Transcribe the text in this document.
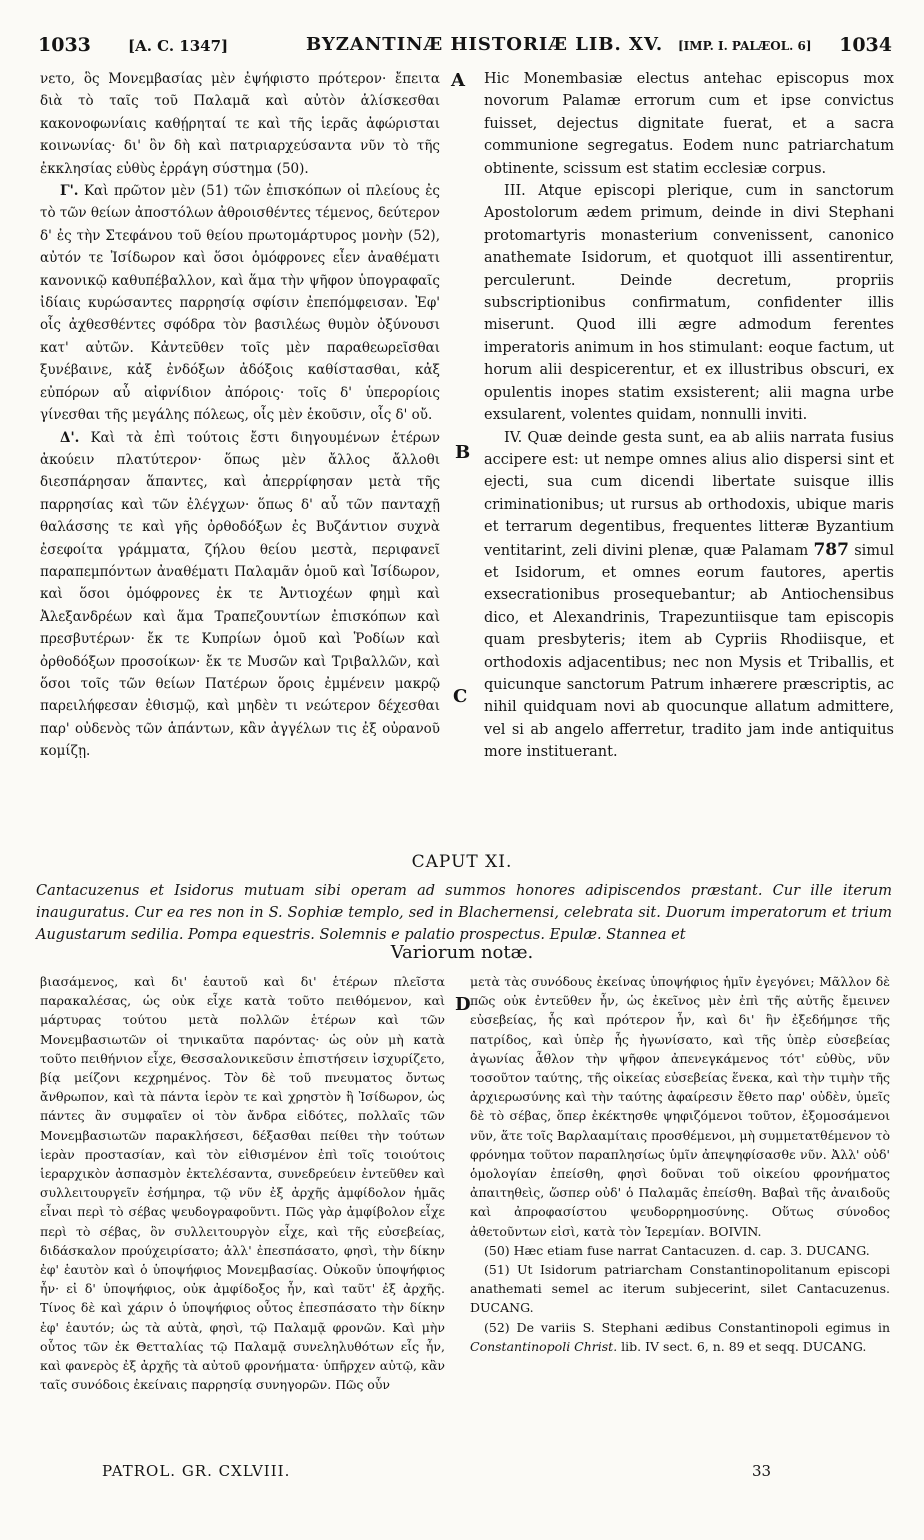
1033 [A. C. 1347]	BYZANTINÆ HISTORIÆ LIB. XV. [IMP. I. PALÆOL. 6] 1034
A
B
C
D

νετο, ὃς Μονεμβασίας μὲν ἐψήφιστο πρότερον· ἔπειτα διὰ τὸ ταῖς τοῦ Παλαμᾶ καὶ αὐτὸν ἁλίσκεσθαι κακονοφωνίαις καθῄρηταί τε καὶ τῆς ἱερᾶς ἀφώρισται κοινωνίας· δι' ὃν δὴ καὶ πατριαρχεύσαντα νῦν τὸ τῆς ἐκκλησίας εὐθὺς ἐρράγη σύστημα (50).

Γ'. Καὶ πρῶτον μὲν (51) τῶν ἐπισκόπων οἱ πλείους ἐς τὸ τῶν θείων ἀποστόλων ἀθροισθέντες τέμενος, δεύτερον δ' ἐς τὴν Στεφάνου τοῦ θείου πρωτομάρτυρος μονὴν (52), αὐτόν τε Ἰσίδωρον καὶ ὅσοι ὁμόφρονες εἶεν ἀναθέματι κανονικῷ καθυπέβαλλον, καὶ ἅμα τὴν ψῆφον ὑπογραφαῖς ἰδίαις κυρώσαντες παρρησίᾳ σφίσιν ἐπεπόμφεισαν. Ἐφ' οἷς ἀχθεσθέντες σφόδρα τὸν βασιλέως θυμὸν ὀξύνουσι κατ' αὐτῶν. Κἀντεῦθεν τοῖς μὲν παραθεωρεῖσθαι ξυνέβαινε, κἀξ ἐνδόξων ἀδόξοις καθίστασθαι, κἀξ εὐπόρων αὖ αἰφνίδιον ἀπόροις· τοῖς δ' ὑπερορίοις γίνεσθαι τῆς μεγάλης πόλεως, οἷς μὲν ἑκοῦσιν, οἷς δ' οὔ.

Δ'. Καὶ τὰ ἐπὶ τούτοις ἔστι διηγουμένων ἑτέρων ἀκούειν πλατύτερον· ὅπως μὲν ἄλλος ἄλλοθι διεσπάρησαν ἅπαντες, καὶ ἀπερρίφησαν μετὰ τῆς παρρησίας καὶ τῶν ἐλέγχων· ὅπως δ' αὖ τῶν πανταχῇ θαλάσσης τε καὶ γῆς ὀρθοδόξων ἐς Βυζάντιον συχνὰ ἐσεφοίτα γράμματα, ζήλου θείου μεστὰ, περιφανεῖ παραπεμπόντων ἀναθέματι Παλαμᾶν ὁμοῦ καὶ Ἰσίδωρον, καὶ ὅσοι ὁμόφρονες ἐκ τε Ἀντιοχέων φημὶ καὶ Ἀλεξανδρέων καὶ ἅμα Τραπεζουντίων ἐπισκόπων καὶ πρεσβυτέρων· ἔκ τε Κυπρίων ὁμοῦ καὶ Ῥοδίων καὶ ὀρθοδόξων προσοίκων· ἔκ τε Μυσῶν καὶ Τριβαλλῶν, καὶ ὅσοι τοῖς τῶν θείων Πατέρων ὅροις ἐμμένειν μακρῷ παρειλήφεσαν ἐθισμῷ, καὶ μηδὲν τι νεώτερον δέχεσθαι παρ' οὐδενὸς τῶν ἁπάντων, κἂν ἀγγέλων τις ἐξ οὐρανοῦ κομίζῃ.

Hic Monembasiæ electus antehac episcopus mox novorum Palamæ errorum cum et ipse convictus fuisset, dejectus dignitate fuerat, et a sacra communione segregatus. Eodem nunc patriarchatum obtinente, scissum est statim ecclesiæ corpus.

III. Atque episcopi plerique, cum in sanctorum Apostolorum ædem primum, deinde in divi Stephani protomartyris monasterium convenissent, canonico anathemate Isidorum, et quotquot illi assentirentur, perculerunt. Deinde decretum, propriis subscriptionibus confirmatum, confidenter illis miserunt. Quod illi ægre admodum ferentes imperatoris animum in hos stimulant: eoque factum, ut horum alii despicerentur, et ex illustribus obscuri, ex opulentis inopes statim exsisterent; alii magna urbe exsularent, volentes quidam, nonnulli inviti.

IV. Quæ deinde gesta sunt, ea ab aliis narrata fusius accipere est: ut nempe omnes alius alio dispersi sint et ejecti, sua cum dicendi libertate suisque illis criminationibus; ut rursus ab orthodoxis, ubique maris et terrarum degentibus, frequentes litteræ Byzantium ventitarint, zeli divini plenæ, quæ Palamam 787 simul et Isidorum, et omnes eorum fautores, apertis exsecrationibus prosequebantur; ab Antiochensibus dico, et Alexandrinis, Trapezuntiisque tam episcopis quam presbyteris; item ab Cypriis Rhodiisque, et orthodoxis adjacentibus; nec non Mysis et Triballis, et quicunque sanctorum Patrum inhærere præscriptis, ac nihil quidquam novi ab quocunque allatum admittere, vel si ab angelo afferretur, tradito jam inde antiquitus more instituerant.

CAPUT XI.
Cantacuzenus et Isidorus mutuam sibi operam ad summos honores adipiscendos præstant. Cur ille iterum inauguratus. Cur ea res non in S. Sophiæ templo, sed in Blachernensi, celebrata sit. Duorum imperatorum et trium Augustarum sedilia. Pompa equestris. Solemnis e palatio prospectus. Epulæ. Stannea et
Variorum notæ.

βιασάμενος, καὶ δι' ἑαυτοῦ καὶ δι' ἑτέρων πλεῖστα παρακαλέσας, ὡς οὐκ εἶχε κατὰ τοῦτο πειθόμενον, καὶ μάρτυρας τούτου μετὰ πολλῶν ἑτέρων καὶ τῶν Μονεμβασιωτῶν οἱ τηνικαῦτα παρόντας· ὡς οὐν μὴ κατὰ τοῦτο πειθήνιον εἶχε, Θεσσαλονικεῦσιν ἐπιστήσειν ἰσχυρίζετο, βίᾳ μείζονι κεχρημένος. Τὸν δὲ τοῦ πνευματος ὄντως ἄνθρωπον, καὶ τὰ πάντα ἱερὸν τε καὶ χρηστὸν ἢ Ἰσίδωρον, ὡς πάντες ἂν συμφαῖεν οἱ τὸν ἄνδρα εἰδότες, πολλαῖς τῶν Μονεμβασιωτῶν παρακλήσεσι, δέξασθαι πείθει τὴν τούτων ἱερὰν προστασίαν, καὶ τὸν εἰθισμένον ἐπὶ τοῖς τοιούτοις ἱεραρχικὸν ἀσπασμὸν ἐκτελέσαντα, συνεδρεύειν ἐντεῦθεν καὶ συλλειτουργεῖν ἐσήμηρα, τῷ νῦν ἐξ ἀρχῆς ἀμφίδολον ἡμᾶς εἶναι περὶ τὸ σέβας ψευδογραφοῦντι. Πῶς γὰρ ἀμφίβολον εἶχε περὶ τὸ σέβας, ὃν συλλειτουργὸν εἶχε, καὶ τῆς εὐσεβείας, διδάσκαλον προύχειρίσατο; ἀλλ' ἐπεσπάσατο, φησὶ, τὴν δίκην ἐφ' ἑαυτὸν καὶ ὁ ὑποψήφιος Μονεμβασίας. Οὐκοῦν ὑποψήφιος ἦν· εἰ δ' ὑποψήφιος, οὐκ ἀμφίδοξος ἦν, καὶ ταῦτ' ἐξ ἀρχῆς. Τίνος δὲ καὶ χάριν ὁ ὑποψήφιος οὗτος ἐπεσπάσατο τὴν δίκην ἐφ' ἑαυτόν; ὡς τὰ αὐτὰ, φησὶ, τῷ Παλαμᾷ φρονῶν. Καὶ μὴν οὗτος τῶν ἐκ Θετταλίας τῷ Παλαμᾷ συνεληλυθότων εἷς ἦν, καὶ φανερὸς ἐξ ἀρχῆς τὰ αὐτοῦ φρονήματα· ὑπῆρχεν αὐτῷ, κἂν ταῖς συνόδοις ἐκείναις παρρησίᾳ συνηγορῶν. Πῶς οὖν

μετὰ τὰς συνόδους ἐκείνας ὑποψήφιος ἡμῖν ἐγεγόνει; Μᾶλλον δὲ πῶς οὐκ ἐντεῦθεν ἦν, ὡς ἐκεῖνος μὲν ἐπὶ τῆς αὐτῆς ἔμεινεν εὐσεβείας, ἧς καὶ πρότερον ἦν, καὶ δι' ἣν ἐξεδήμησε τῆς πατρίδος, καὶ ὑπὲρ ἧς ἠγωνίσατο, καὶ τῆς ὑπὲρ εὐσεβείας ἀγωνίας ἆθλον τὴν ψῆφον ἀπενεγκάμενος τότ' εὐθὺς, νῦν τοσοῦτον ταύτης, τῆς οἰκείας εὐσεβείας ἕνεκα, καὶ τὴν τιμὴν τῆς ἀρχιερωσύνης καὶ τὴν ταύτης ἀφαίρεσιν ἔθετο παρ' οὐδὲν, ὑμεῖς δὲ τὸ σέβας, ὅπερ ἐκέκτησθε ψηφιζόμενοι τοῦτον, ἐξομοσάμενοι νῦν, ἅτε τοῖς Βαρλααμίταις προσθέμενοι, μὴ συμμετατθέμενον τὸ φρόνημα τοῦτον παραπλησίως ὑμῖν ἀπεψηφίσασθε νῦν. Ἀλλ' οὐδ' ὁμολογίαν ἐπείσθη, φησὶ δοῦναι τοῦ οἰκείου φρονήματος ἀπαιτηθεὶς, ὥσπερ οὐδ' ὁ Παλαμᾶς ἐπείσθη. Βαβαὶ τῆς ἀναιδοῦς καὶ ἀπροφασίστου ψευδορρημοσύνης. Οὕτως σύνοδος ἀθετοῦντων εἰσὶ, κατὰ τὸν Ἱερεμίαν. BOIVIN.

(50) Hæc etiam fuse narrat Cantacuzen. d. cap. 3. DUCANG.

(51) Ut Isidorum patriarcham Constantinopolitanum episcopi anathemati semel ac iterum subjecerint, silet Cantacuzenus. DUCANG.

(52) De variis S. Stephani ædibus Constantinopoli egimus in Constantinopoli Christ. lib. IV sect. 6, n. 89 et seqq. DUCANG.

PATROL. GR. CXLVIII.	33
